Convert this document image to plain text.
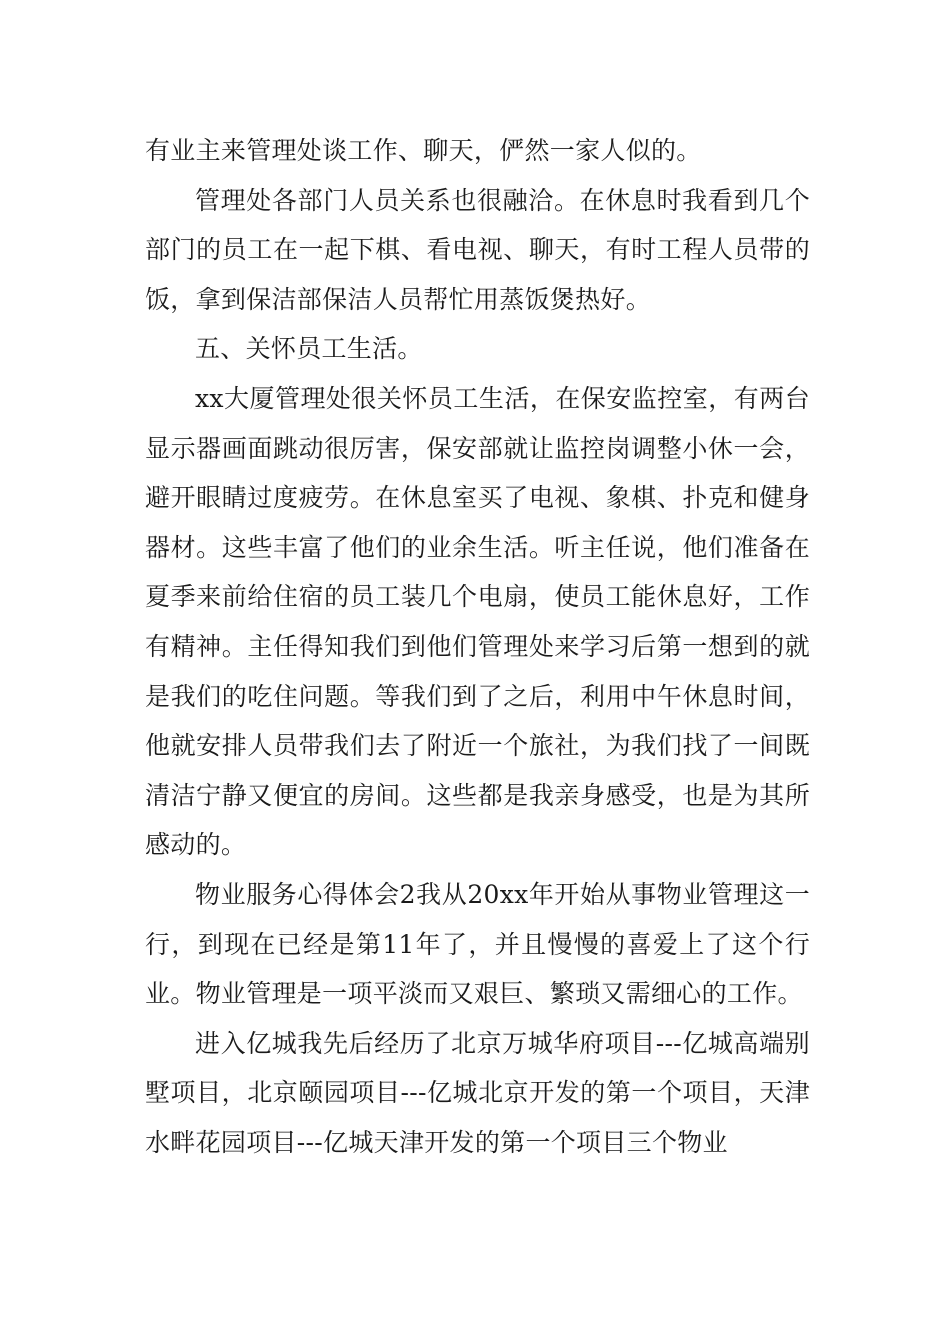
有业主来管理处谈工作、聊天，俨然一家人似的。

管理处各部门人员关系也很融洽。在休息时我看到几个部门的员工在一起下棋、看电视、聊天，有时工程人员带的饭，拿到保洁部保洁人员帮忙用蒸饭煲热好。

五、关怀员工生活。

xx大厦管理处很关怀员工生活，在保安监控室，有两台显示器画面跳动很厉害，保安部就让监控岗调整小休一会，避开眼睛过度疲劳。在休息室买了电视、象棋、扑克和健身器材。这些丰富了他们的业余生活。听主任说，他们准备在夏季来前给住宿的员工装几个电扇，使员工能休息好，工作有精神。主任得知我们到他们管理处来学习后第一想到的就是我们的吃住问题。等我们到了之后，利用中午休息时间，他就安排人员带我们去了附近一个旅社，为我们找了一间既清洁宁静又便宜的房间。这些都是我亲身感受，也是为其所感动的。

物业服务心得体会2我从20xx年开始从事物业管理这一行，到现在已经是第11年了，并且慢慢的喜爱上了这个行业。物业管理是一项平淡而又艰巨、繁琐又需细心的工作。

进入亿城我先后经历了北京万城华府项目---亿城高端别墅项目，北京颐园项目---亿城北京开发的第一个项目，天津水畔花园项目---亿城天津开发的第一个项目三个物业
